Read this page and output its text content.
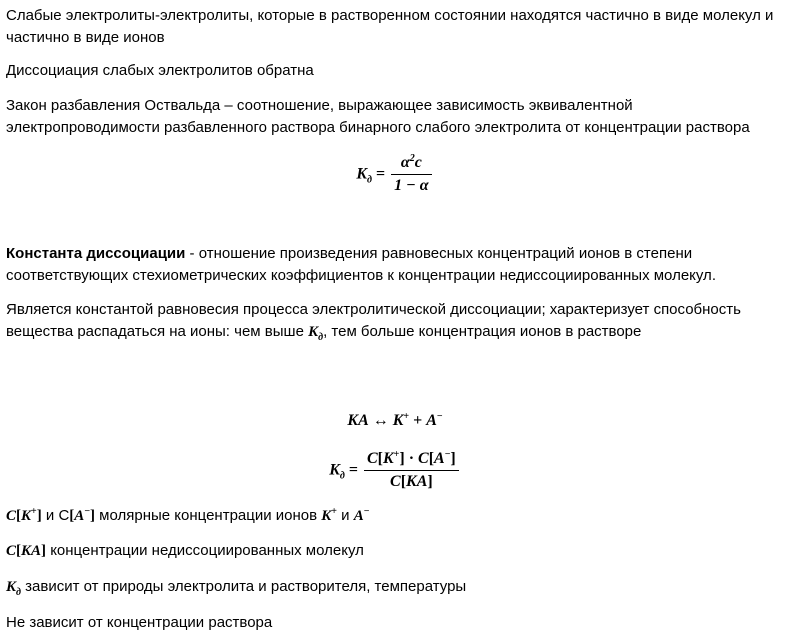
Слабые электролиты-электролиты, которые в растворенном состоянии находятся частично в виде молекул и частично в виде ионов
Диссоциация слабых электролитов обратна
Закон разбавления Оствальда – соотношение, выражающее зависимость эквивалентной электропроводимости разбавленного раствора бинарного слабого электролита от концентрации раствора
$K_д = \frac{\alpha^2c}{1 - \alpha}$
Константа диссоциации - отношение произведения равновесных концентраций ионов в степени соответствующих стехиометрических коэффициентов к концентрации недиссоциированных молекул.
Является константой равновесия процесса электролитической диссоциации; характеризует способность вещества распадаться на ионы: чем выше $K_д$, тем больше концентрация ионов в растворе
KA ↔ K+ + A−
$K_д = \frac{C[K^+] \cdot C[A^-]}{C[KA]}$
C[K+] и С[A−] молярные концентрации ионов K+ и A−
C[KA] концентрации недиссоциированных молекул
$K_д$ зависит от природы электролита и растворителя, температуры
Не зависит от концентрации раствора
